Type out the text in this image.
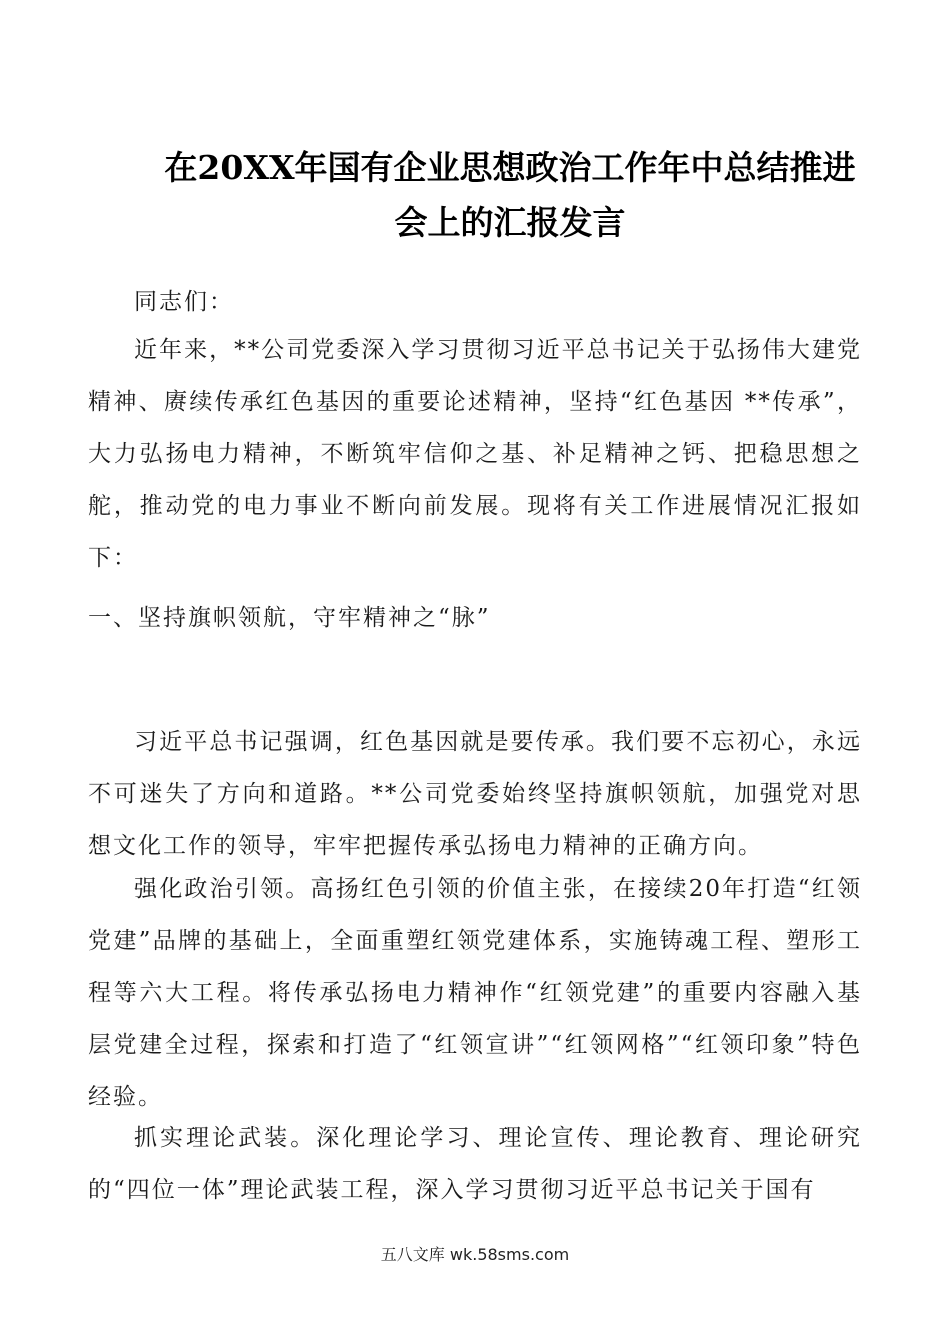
在20XX年国有企业思想政治工作年中总结推进会上的汇报发言

同志们：

近年来，**公司党委深入学习贯彻习近平总书记关于弘扬伟大建党精神、赓续传承红色基因的重要论述精神，坚持“红色基因 **传承”，大力弘扬电力精神，不断筑牢信仰之基、补足精神之钙、把稳思想之舵，推动党的电力事业不断向前发展。现将有关工作进展情况汇报如下：

一、坚持旗帜领航，守牢精神之“脉”

习近平总书记强调，红色基因就是要传承。我们要不忘初心，永远不可迷失了方向和道路。**公司党委始终坚持旗帜领航，加强党对思想文化工作的领导，牢牢把握传承弘扬电力精神的正确方向。

强化政治引领。高扬红色引领的价值主张，在接续20年打造“红领党建”品牌的基础上，全面重塑红领党建体系，实施铸魂工程、塑形工程等六大工程。将传承弘扬电力精神作“红领党建”的重要内容融入基层党建全过程，探索和打造了“红领宣讲”“红领网格”“红领印象”特色经验。

抓实理论武装。深化理论学习、理论宣传、理论教育、理论研究的“四位一体”理论武装工程，深入学习贯彻习近平总书记关于国有

五八文库 wk.58sms.com
